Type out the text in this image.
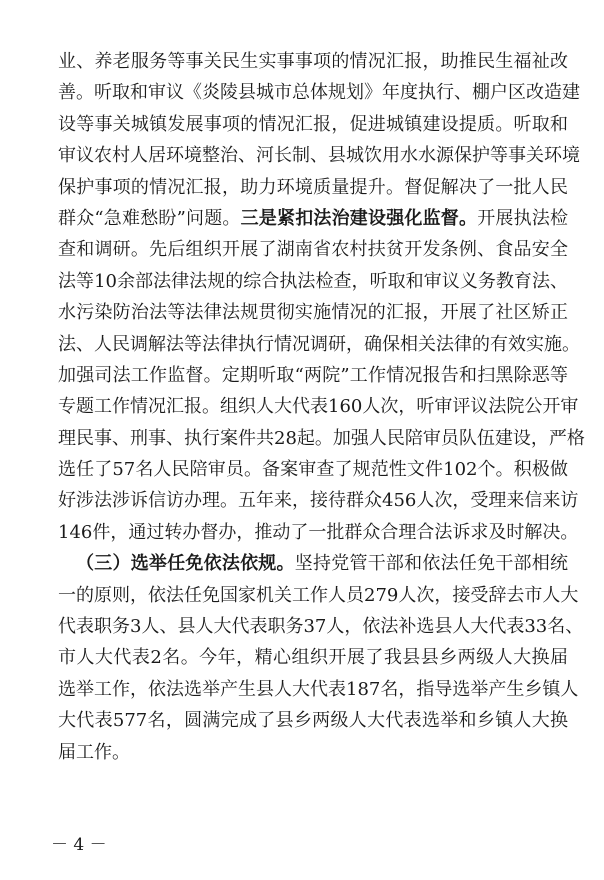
业、养老服务等事关民生实事事项的情况汇报，助推民生福祉改
善。听取和审议《炎陵县城市总体规划》年度执行、棚户区改造建
设等事关城镇发展事项的情况汇报，促进城镇建设提质。听取和
审议农村人居环境整治、河长制、县城饮用水水源保护等事关环境
保护事项的情况汇报，助力环境质量提升。督促解决了一批人民
群众“急难愁盼”问题。三是紧扣法治建设强化监督。开展执法检
查和调研。先后组织开展了湖南省农村扶贫开发条例、食品安全
法等10余部法律法规的综合执法检查，听取和审议义务教育法、
水污染防治法等法律法规贯彻实施情况的汇报，开展了社区矫正
法、人民调解法等法律执行情况调研，确保相关法律的有效实施。
加强司法工作监督。定期听取“两院”工作情况报告和扫黑除恶等
专题工作情况汇报。组织人大代表160人次，听审评议法院公开审
理民事、刑事、执行案件共28起。加强人民陪审员队伍建设，严格
选任了57名人民陪审员。备案审查了规范性文件102个。积极做
好涉法涉诉信访办理。五年来，接待群众456人次，受理来信来访
146件，通过转办督办，推动了一批群众合理合法诉求及时解决。
（三）选举任免依法依规。坚持党管干部和依法任免干部相统
一的原则，依法任免国家机关工作人员279人次，接受辞去市人大
代表职务3人、县人大代表职务37人，依法补选县人大代表33名、
市人大代表2名。今年，精心组织开展了我县县乡两级人大换届
选举工作，依法选举产生县人大代表187名，指导选举产生乡镇人
大代表577名，圆满完成了县乡两级人大代表选举和乡镇人大换
届工作。
－ 4 －
